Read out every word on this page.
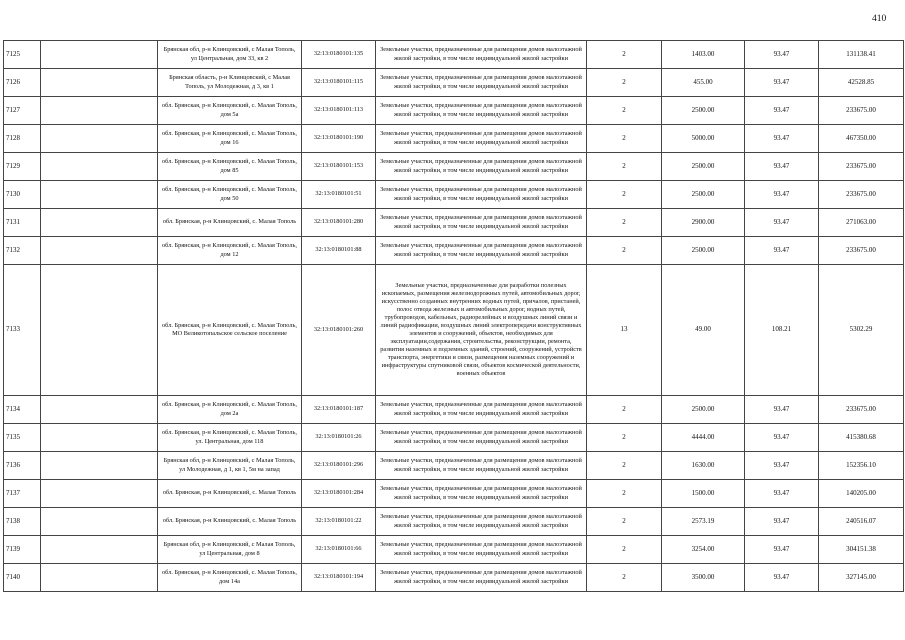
410
7125		Брянская обл, р-н Клинцовский, с Малая Тополь, ул Центральная, дом 33, кв 2	32:13:0180101:135	Земельные участки, предназначенные для размещения домов малоэтажной жилой застройки, в том числе индивидуальной жилой застройки	2	1403.00	93.47	131138.41
7126		Брянская область, р-н Клинцовский, с Малая Тополь, ул Молодежная, д 3, кв 1	32:13:0180101:115	Земельные участки, предназначенные для размещения домов малоэтажной жилой застройки, в том числе индивидуальной жилой застройки	2	455.00	93.47	42528.85
7127		обл. Брянская, р-н Клинцовский, с. Малая Тополь, дом 5а	32:13:0180101:113	Земельные участки, предназначенные для размещения домов малоэтажной жилой застройки, в том числе индивидуальной жилой застройки	2	2500.00	93.47	233675.00
7128		обл. Брянская, р-н Клинцовский, с. Малая Тополь, дом 16	32:13:0180101:190	Земельные участки, предназначенные для размещения домов малоэтажной жилой застройки, в том числе индивидуальной жилой застройки	2	5000.00	93.47	467350.00
7129		обл. Брянская, р-н Клинцовский, с. Малая Тополь, дом 85	32:13:0180101:153	Земельные участки, предназначенные для размещения домов малоэтажной жилой застройки, в том числе индивидуальной жилой застройки	2	2500.00	93.47	233675.00
7130		обл. Брянская, р-н Клинцовский, с. Малая Тополь, дом 50	32:13:0180101:51	Земельные участки, предназначенные для размещения домов малоэтажной жилой застройки, в том числе индивидуальной жилой застройки	2	2500.00	93.47	233675.00
7131		обл. Брянская, р-н Клинцовский, с. Малая Тополь	32:13:0180101:280	Земельные участки, предназначенные для размещения домов малоэтажной жилой застройки, в том числе индивидуальной жилой застройки	2	2900.00	93.47	271063.00
7132		обл. Брянская, р-н Клинцовский, с. Малая Тополь, дом 12	32:13:0180101:88	Земельные участки, предназначенные для размещения домов малоэтажной жилой застройки, в том числе индивидуальной жилой застройки	2	2500.00	93.47	233675.00
7133		обл. Брянская, р-н Клинцовский, с. Малая Тополь, МО Великотопальское сельское поселение	32:13:0180101:260	Земельные участки, предназначенные для разработки полезных ископаемых, размещения железнодорожных путей, автомобильных дорог, искусственно созданных внутренних водных путей, причалов, пристаней, полос отвода железных и автомобильных дорог, водных путей, трубопроводов, кабельных, радиорелейных и воздушных линий связи и линий радиофикации, воздушных линий электропередачи конструктивных элементов и сооружений, объектов, необходимых для эксплуатации,содержания, строительства, реконструкции, ремонта, развития наземных и подземных зданий, строений, сооружений, устройств транспорта, энергетики и связи, размещения наземных сооружений и инфраструктуры спутниковой связи, объектов космической деятельности, военных объектов	13	49.00	108.21	5302.29
7134		обл. Брянская, р-н Клинцовский, с. Малая Тополь, дом 2а	32:13:0180101:187	Земельные участки, предназначенные для размещения домов малоэтажной жилой застройки, в том числе индивидуальной жилой застройки	2	2500.00	93.47	233675.00
7135		обл. Брянская, р-н Клинцовский, с. Малая Тополь, ул. Центральная, дом 118	32:13:0180101:26	Земельные участки, предназначенные для размещения домов малоэтажной жилой застройки, в том числе индивидуальной жилой застройки	2	4444.00	93.47	415380.68
7136		Брянская обл, р-н Клинцовский, с Малая Тополь, ул Молодежная, д 1, кв 1, 5м на запад	32:13:0180101:296	Земельные участки, предназначенные для размещения домов малоэтажной жилой застройки, в том числе индивидуальной жилой застройки	2	1630.00	93.47	152356.10
7137		обл. Брянская, р-н Клинцовский, с. Малая Тополь	32:13:0180101:284	Земельные участки, предназначенные для размещения домов малоэтажной жилой застройки, в том числе индивидуальной жилой застройки	2	1500.00	93.47	140205.00
7138		обл. Брянская, р-н Клинцовский, с. Малая Тополь	32:13:0180101:22	Земельные участки, предназначенные для размещения домов малоэтажной жилой застройки, в том числе индивидуальной жилой застройки	2	2573.19	93.47	240516.07
7139		Брянская обл, р-н Клинцовский, с Малая Тополь, ул Центральная, дом 8	32:13:0180101:66	Земельные участки, предназначенные для размещения домов малоэтажной жилой застройки, в том числе индивидуальной жилой застройки	2	3254.00	93.47	304151.38
7140		обл. Брянская, р-н Клинцовский, с. Малая Тополь, дом 14а	32:13:0180101:194	Земельные участки, предназначенные для размещения домов малоэтажной жилой застройки, в том числе индивидуальной жилой застройки	2	3500.00	93.47	327145.00
